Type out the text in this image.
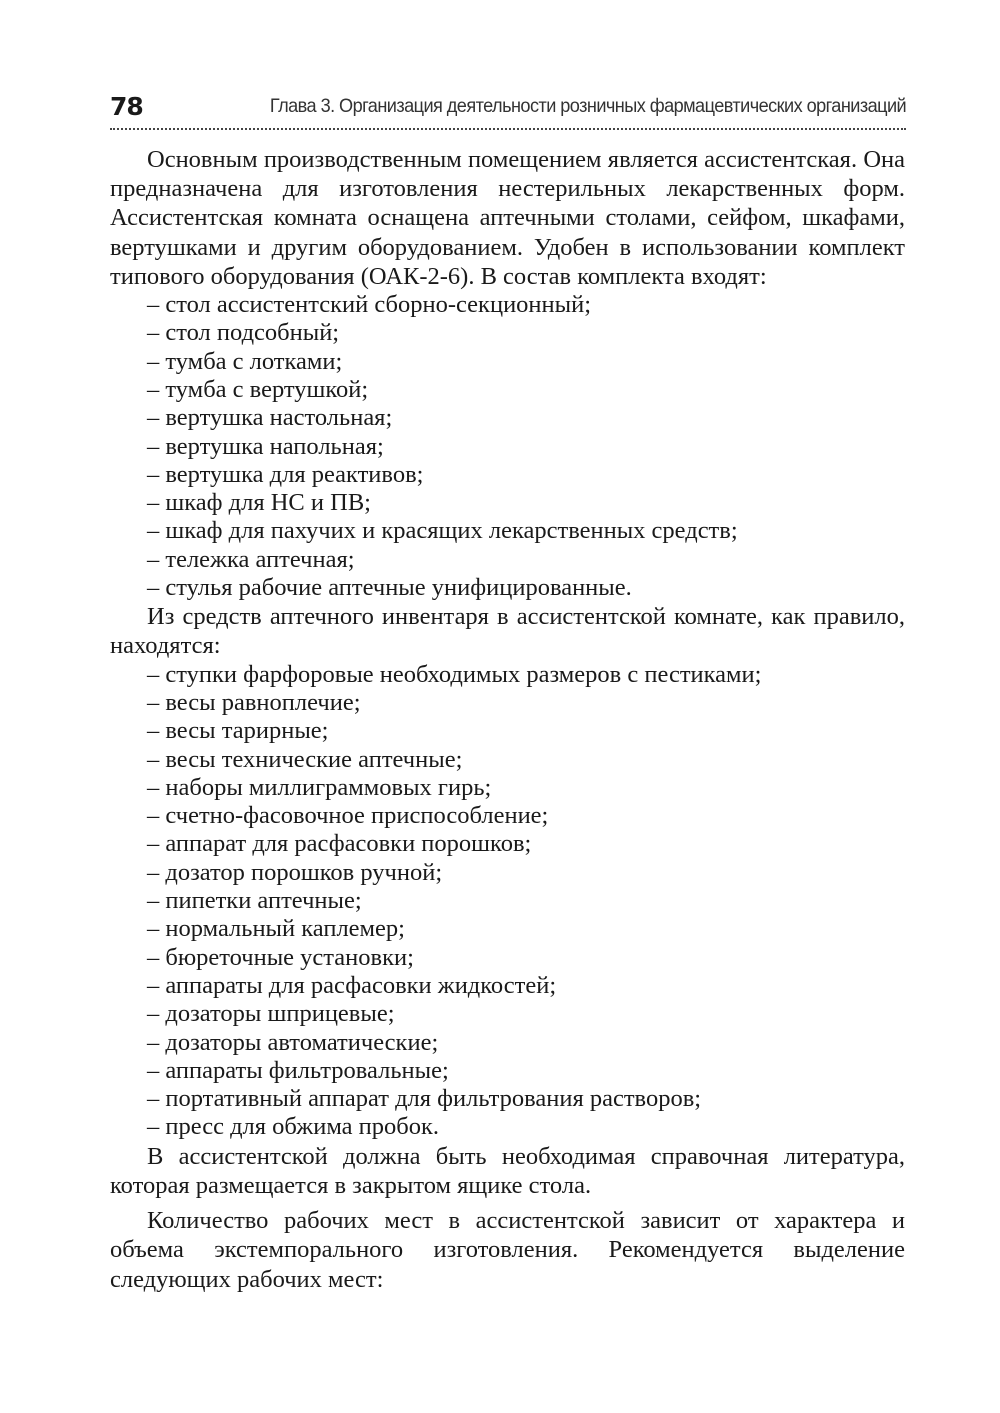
78	Глава 3. Организация деятельности розничных фармацевтических организаций

Основным производственным помещением является ассистентская. Она предназначена для изготовления нестерильных лекарственных форм. Ассистентская комната оснащена аптечными столами, сейфом, шкафами, вертушками и другим оборудованием. Удобен в использовании комплект типового оборудования (ОАК-2-6). В состав комплекта входят:

– стол ассистентский сборно-секционный;
– стол подсобный;
– тумба с лотками;
– тумба с вертушкой;
– вертушка настольная;
– вертушка напольная;
– вертушка для реактивов;
– шкаф для НС и ПВ;
– шкаф для пахучих и красящих лекарственных средств;
– тележка аптечная;
– стулья рабочие аптечные унифицированные.

Из средств аптечного инвентаря в ассистентской комнате, как правило, находятся:

– ступки фарфоровые необходимых размеров с пестиками;
– весы равноплечие;
– весы тарирные;
– весы технические аптечные;
– наборы миллиграммовых гирь;
– счетно-фасовочное приспособление;
– аппарат для расфасовки порошков;
– дозатор порошков ручной;
– пипетки аптечные;
– нормальный каплемер;
– бюреточные установки;
– аппараты для расфасовки жидкостей;
– дозаторы шприцевые;
– дозаторы автоматические;
– аппараты фильтровальные;
– портативный аппарат для фильтрования растворов;
– пресс для обжима пробок.

В ассистентской должна быть необходимая справочная литература, которая размещается в закрытом ящике стола.

Количество рабочих мест в ассистентской зависит от характера и объема экстемпорального изготовления. Рекомендуется выделение следующих рабочих мест:
